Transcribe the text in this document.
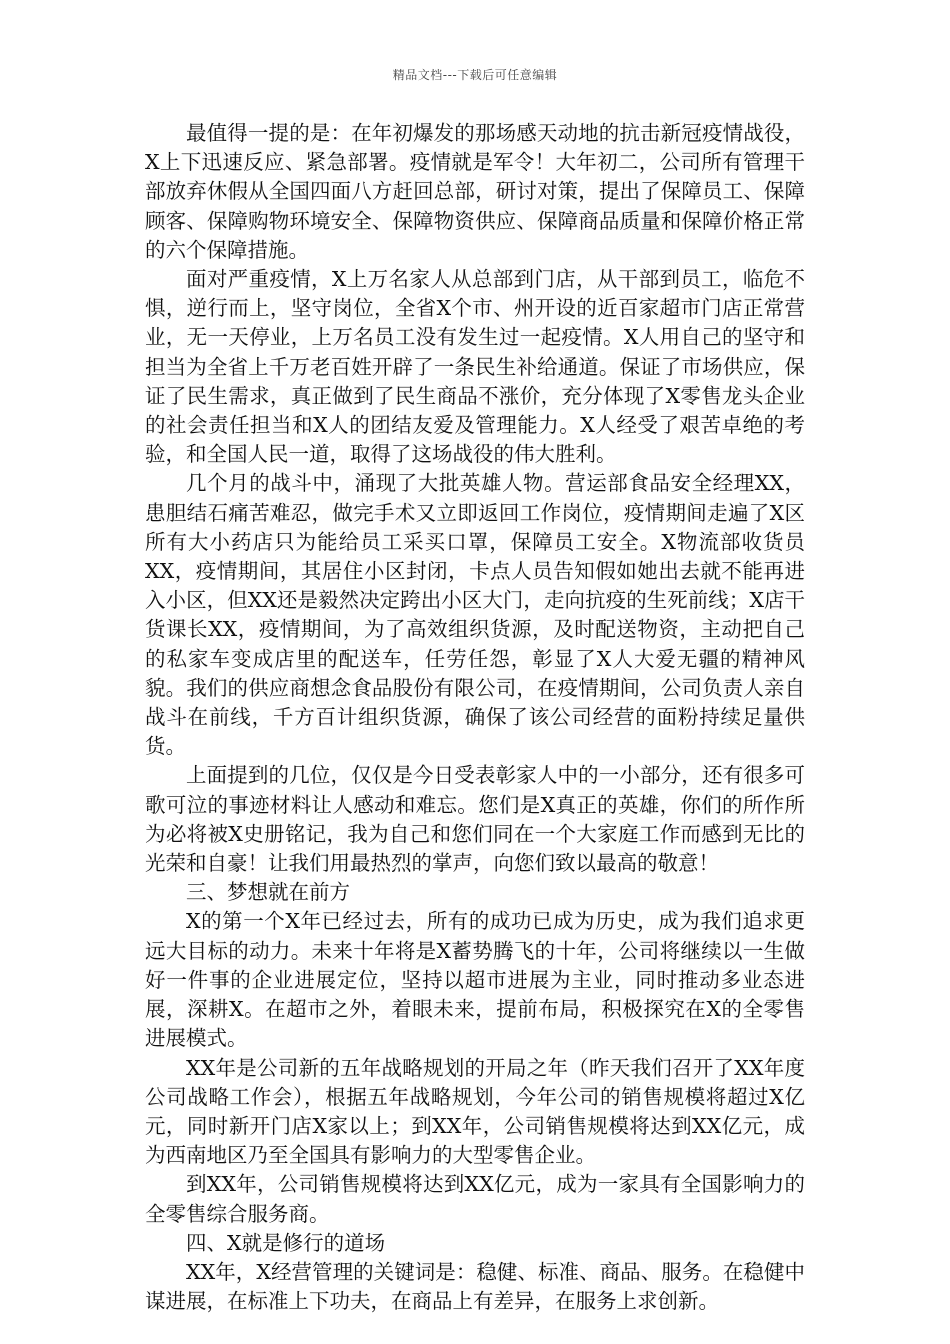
精品文档---下载后可任意编辑

最值得一提的是：在年初爆发的那场感天动地的抗击新冠疫情战役，X上下迅速反应、紧急部署。疫情就是军令！大年初二，公司所有管理干部放弃休假从全国四面八方赶回总部，研讨对策，提出了保障员工、保障顾客、保障购物环境安全、保障物资供应、保障商品质量和保障价格正常的六个保障措施。

面对严重疫情，X上万名家人从总部到门店，从干部到员工，临危不惧，逆行而上，坚守岗位，全省X个市、州开设的近百家超市门店正常营业，无一天停业，上万名员工没有发生过一起疫情。X人用自己的坚守和担当为全省上千万老百姓开辟了一条民生补给通道。保证了市场供应，保证了民生需求，真正做到了民生商品不涨价，充分体现了X零售龙头企业的社会责任担当和X人的团结友爱及管理能力。X人经受了艰苦卓绝的考验，和全国人民一道，取得了这场战役的伟大胜利。

几个月的战斗中，涌现了大批英雄人物。营运部食品安全经理XX，患胆结石痛苦难忍，做完手术又立即返回工作岗位，疫情期间走遍了X区所有大小药店只为能给员工采买口罩，保障员工安全。X物流部收货员XX，疫情期间，其居住小区封闭，卡点人员告知假如她出去就不能再进入小区，但XX还是毅然决定跨出小区大门，走向抗疫的生死前线；X店干货课长XX，疫情期间，为了高效组织货源，及时配送物资，主动把自己的私家车变成店里的配送车，任劳任怨，彰显了X人大爱无疆的精神风貌。我们的供应商想念食品股份有限公司，在疫情期间，公司负责人亲自战斗在前线，千方百计组织货源，确保了该公司经营的面粉持续足量供货。

上面提到的几位，仅仅是今日受表彰家人中的一小部分，还有很多可歌可泣的事迹材料让人感动和难忘。您们是X真正的英雄，你们的所作所为必将被X史册铭记，我为自己和您们同在一个大家庭工作而感到无比的光荣和自豪！让我们用最热烈的掌声，向您们致以最高的敬意！

三、梦想就在前方

X的第一个X年已经过去，所有的成功已成为历史，成为我们追求更远大目标的动力。未来十年将是X蓄势腾飞的十年，公司将继续以一生做好一件事的企业进展定位，坚持以超市进展为主业，同时推动多业态进展，深耕X。在超市之外，着眼未来，提前布局，积极探究在X的全零售进展模式。

XX年是公司新的五年战略规划的开局之年（昨天我们召开了XX年度公司战略工作会），根据五年战略规划，今年公司的销售规模将超过X亿元，同时新开门店X家以上；到XX年，公司销售规模将达到XX亿元，成为西南地区乃至全国具有影响力的大型零售企业。

到XX年，公司销售规模将达到XX亿元，成为一家具有全国影响力的全零售综合服务商。

四、X就是修行的道场

XX年，X经营管理的关键词是：稳健、标准、商品、服务。在稳健中谋进展，在标准上下功夫，在商品上有差异，在服务上求创新。
